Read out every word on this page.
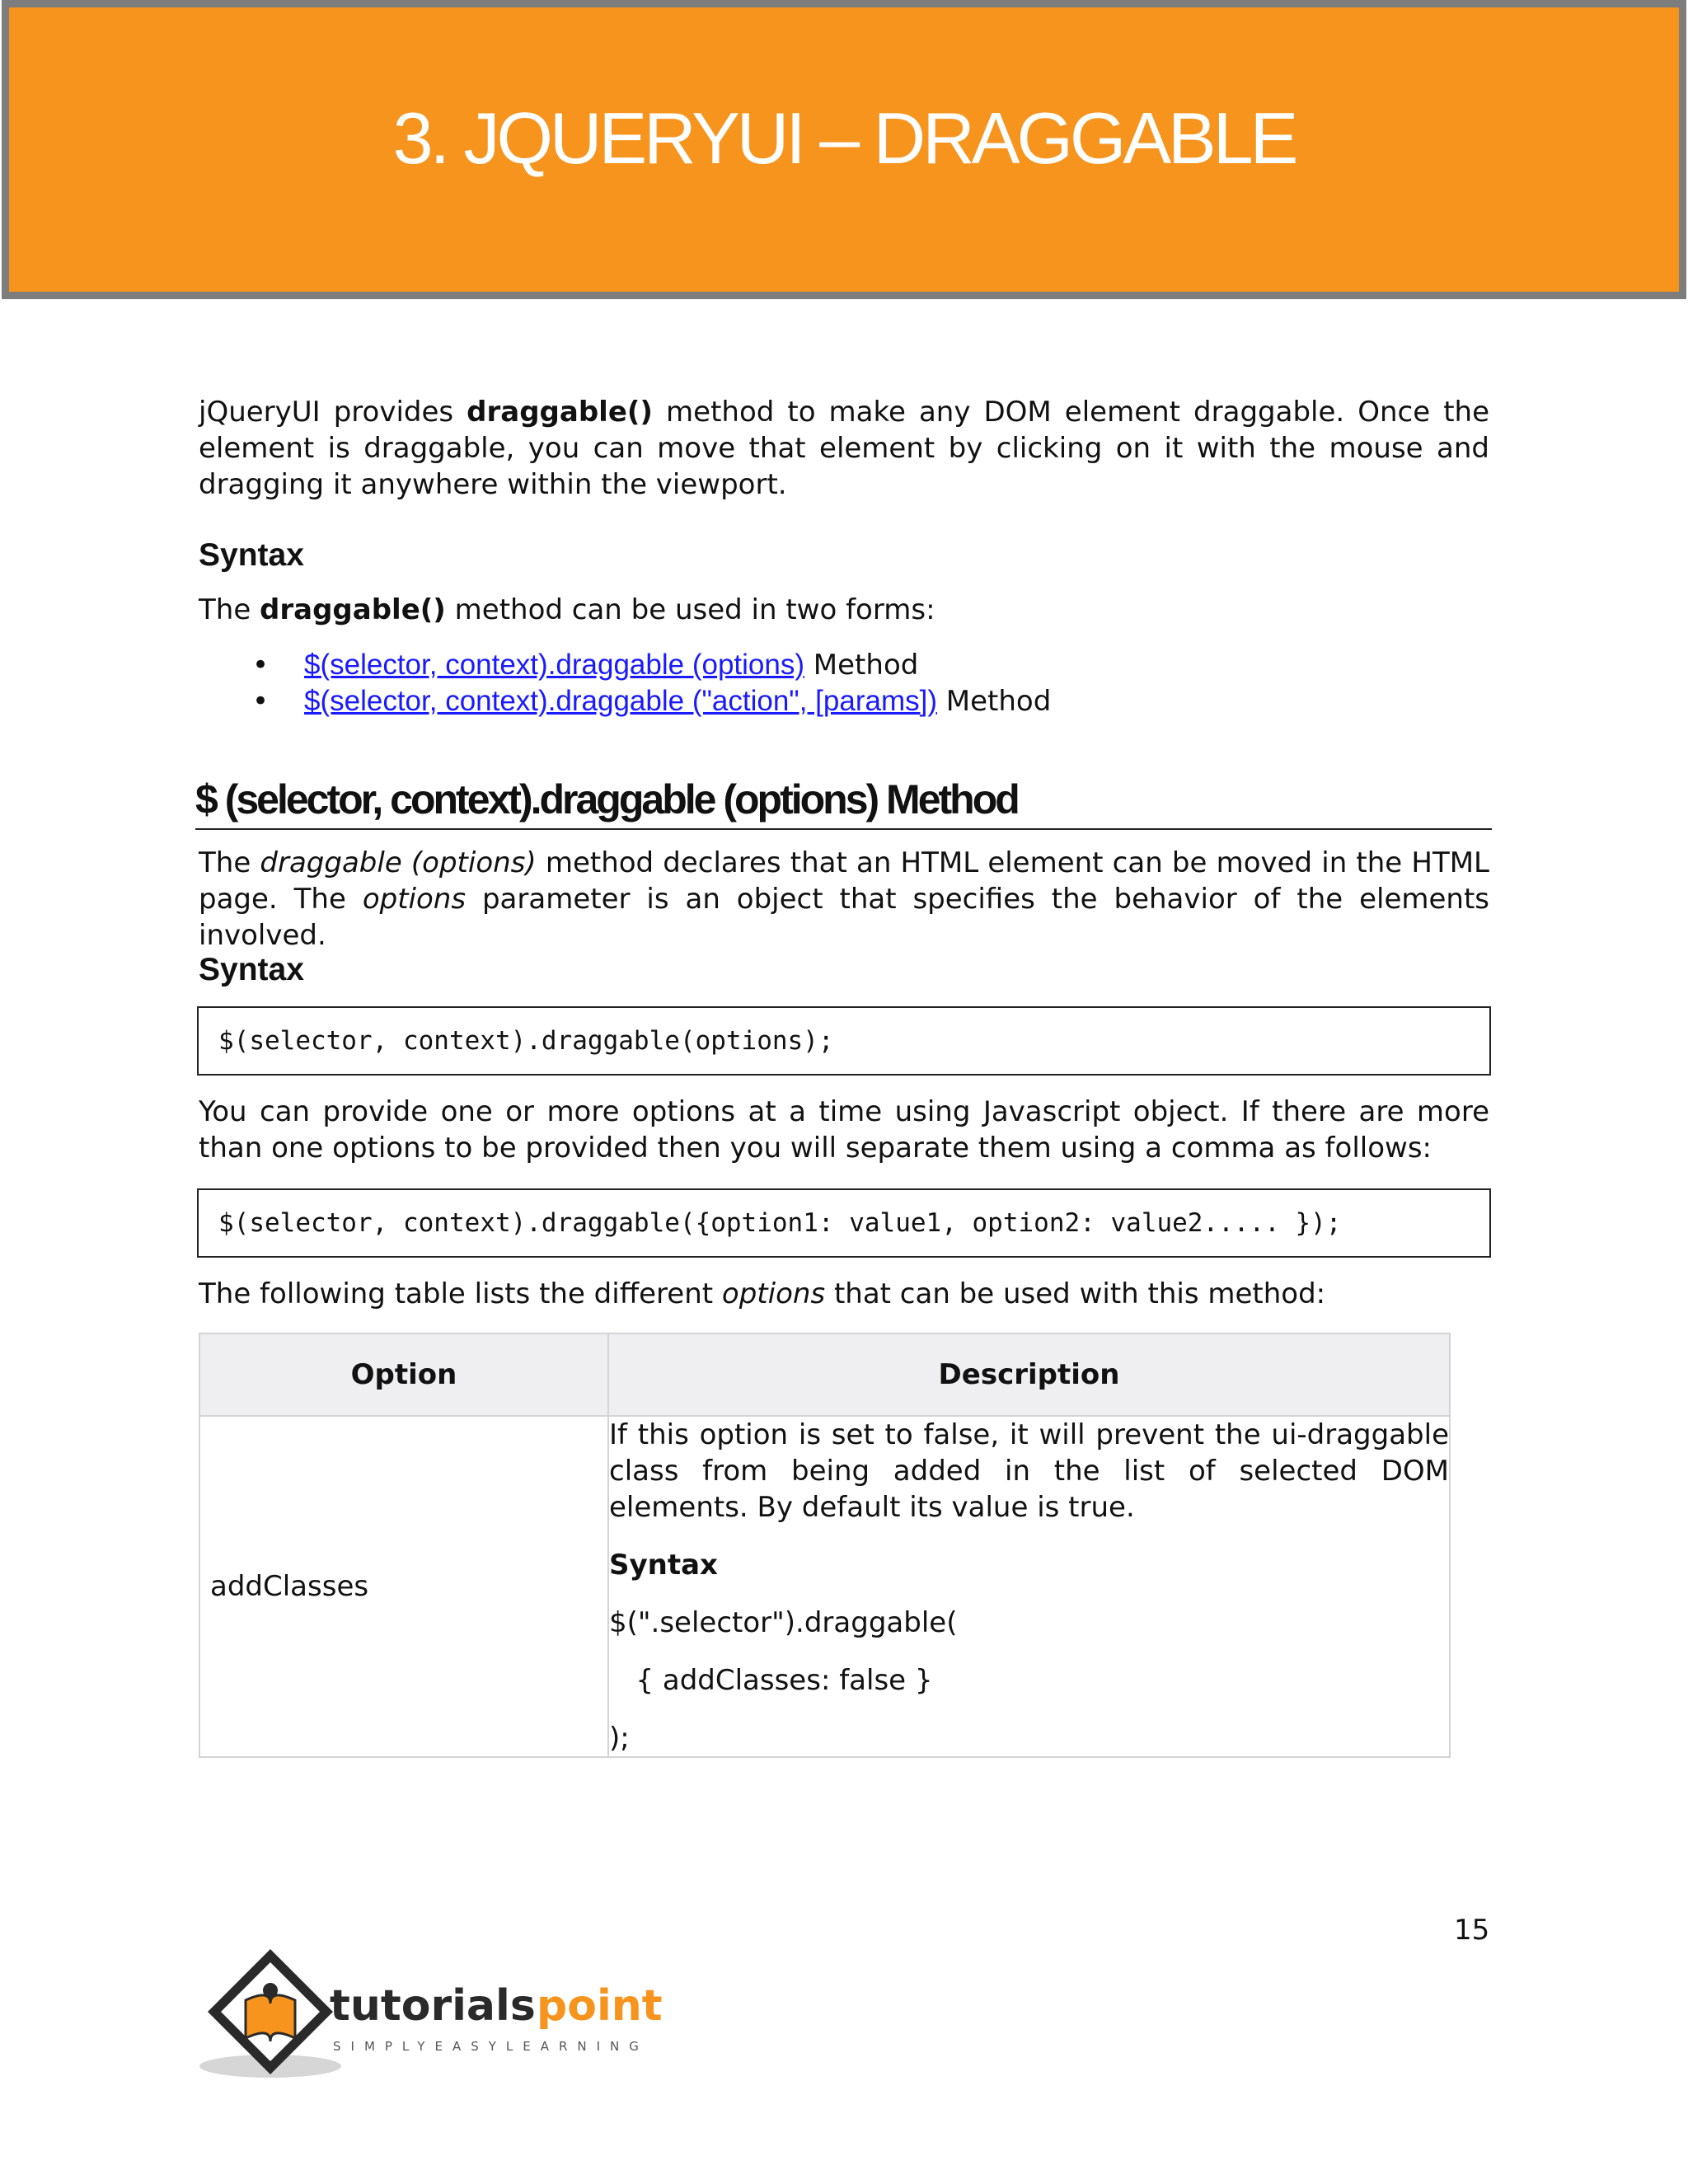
3. JQUERYUI – DRAGGABLE

jQueryUI provides draggable() method to make any DOM element draggable. Once the element is draggable, you can move that element by clicking on it with the mouse and dragging it anywhere within the viewport.

Syntax

The draggable() method can be used in two forms:

• $(selector, context).draggable (options) Method
• $(selector, context).draggable ("action", [params]) Method
$ (selector, context).draggable (options) Method

The draggable (options) method declares that an HTML element can be moved in the HTML page. The options parameter is an object that specifies the behavior of the elements involved.

Syntax
$(selector, context).draggable(options);

You can provide one or more options at a time using Javascript object. If there are more than one options to be provided then you will separate them using a comma as follows:

$(selector, context).draggable({option1: value1, option2: value2..... });

The following table lists the different options that can be used with this method:

Option	Description
addClasses	If this option is set to false, it will prevent the ui-draggable class from being added in the list of selected DOM elements. By default its value is true.

Syntax

$(".selector").draggable(

{ addClasses: false }

);

15
tutorials point
SIMPLYEASYLEARNING
